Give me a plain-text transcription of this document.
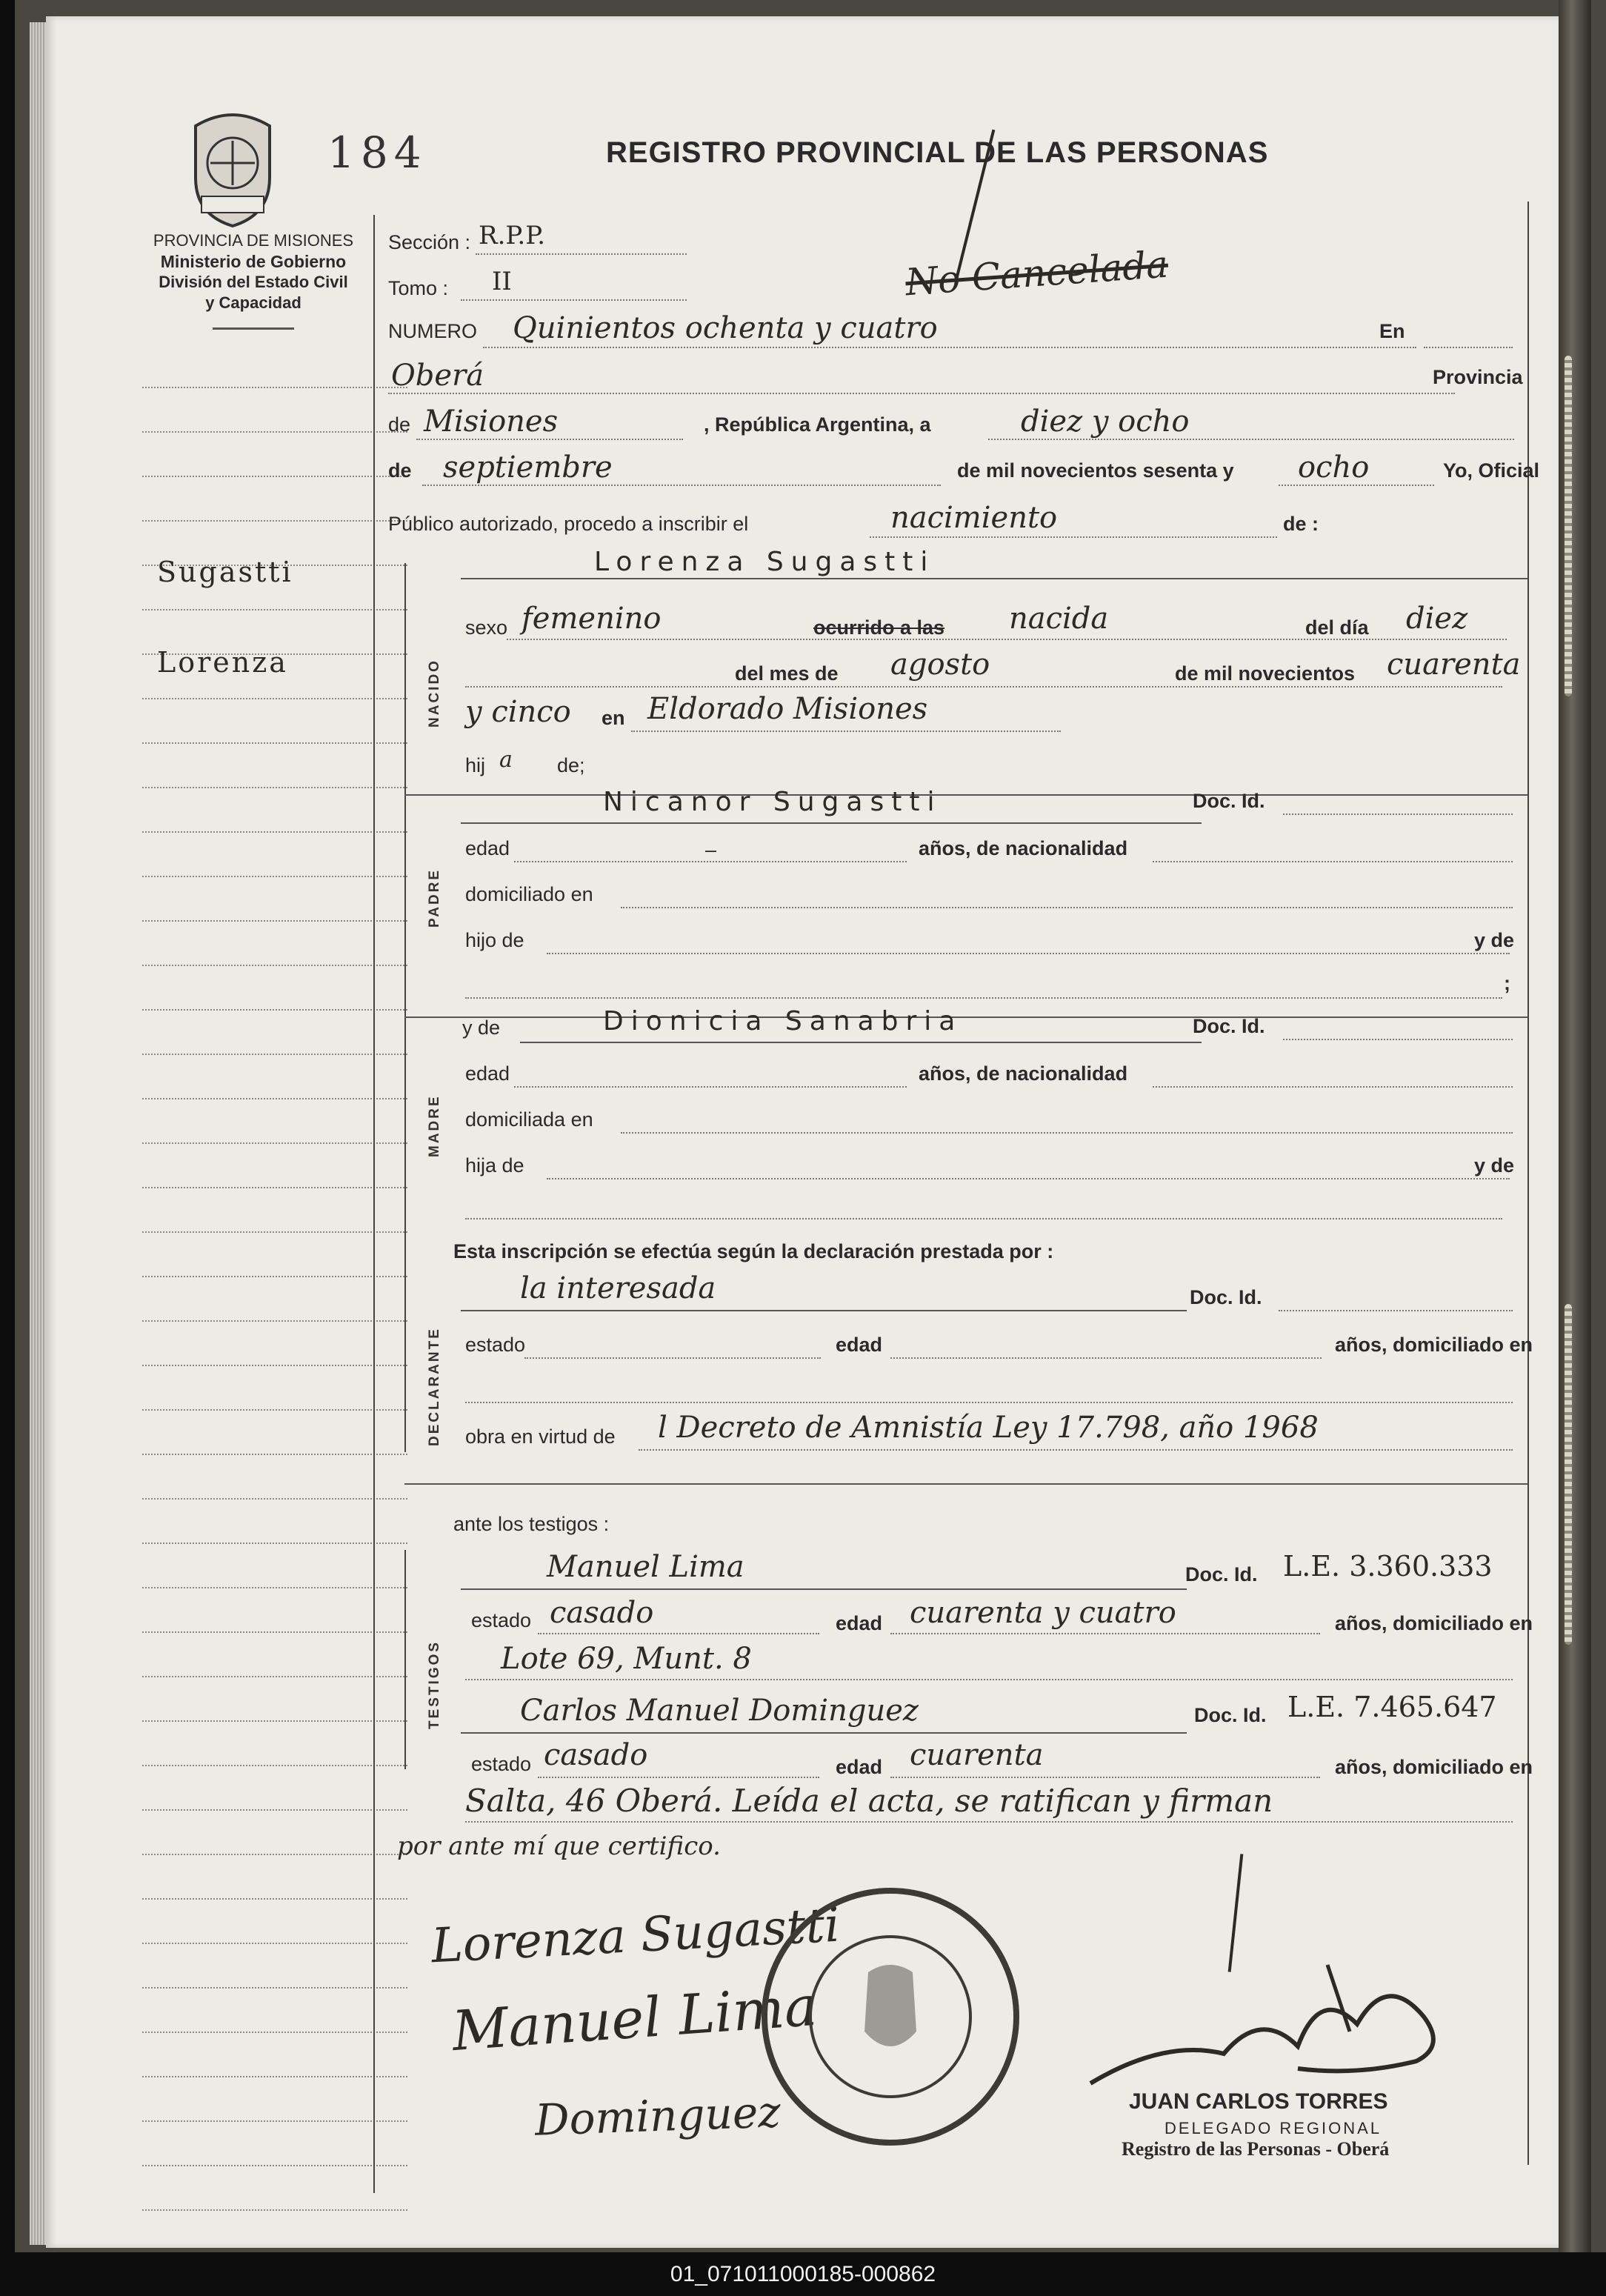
184	REGISTRO PROVINCIAL DE LAS PERSONAS
No Cancelada
PROVINCIA DE MISIONES
Ministerio de Gobierno
División del Estado Civil
y Capacidad
Sugastti
Lorenza
Sección : R.P.P.
Tomo : II
NUMERO Quinientos ochenta y cuatro	En
Oberá	Provincia
de Misiones	, República Argentina, a	diez y ocho
de septiembre	de mil novecientos sesenta y ocho	Yo, Oficial
Público autorizado, procedo a inscribir el	nacimiento	de :
NACIDO
Lorenza Sugastti
sexo femenino	ocurrido a las nacida	del día diez
del mes de agosto	de mil novecientos cuarenta
y cinco en Eldorado Misiones
hij a de;
PADRE
Nicanor Sugastti	Doc. Id.
edad	–	años, de nacionalidad
domiciliado en
hijo de	y de
;
MADRE
y de	Dionicia Sanabria	Doc. Id.
edad	años, de nacionalidad
domiciliada en
hija de	y de
Esta inscripción se efectúa según la declaración prestada por :
DECLARANTE
la interesada	Doc. Id.
estado	edad	años, domiciliado en
obra en virtud de l Decreto de Amnistía Ley 17.798, año 1968
ante los testigos :
TESTIGOS
Manuel Lima	Doc. Id. L.E. 3.360.333
estado casado	edad cuarenta y cuatro	años, domiciliado en
Lote 69, Munt. 8
Carlos Manuel Dominguez	Doc. Id. L.E. 7.465.647
estado casado	edad cuarenta	años, domiciliado en
Salta, 46 Oberá. Leída el acta, se ratifican y firman
por ante mí que certifico.
Lorenza Sugastti
Manuel Lima
Dominguez	JUAN CARLOS TORRES
DELEGADO REGIONAL
Registro de las Personas - Oberá
01_071011000185-000862
